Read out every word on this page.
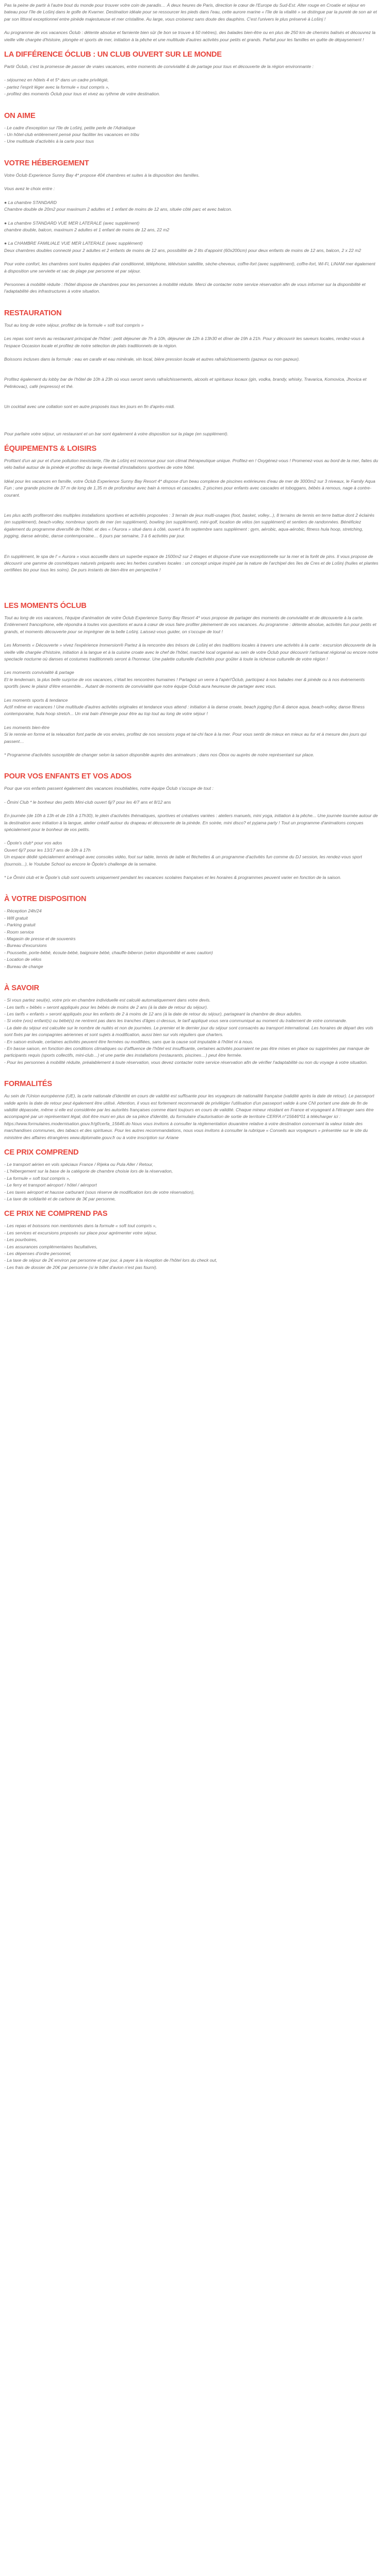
Pas la peine de partir à l'autre bout du monde pour trouver votre coin de paradis… À deux heures de Paris, direction le cœur de l'Europe du Sud-Est. Alter rouge en Croatie et séjour en bateau pour l'île de Lošinj dans le golfe de Kvarner. Destination idéale pour se ressourcer les pieds dans l'eau, cette aurore marine « l'île de la vitalité » se distingue par la pureté de son air et par son littoral exceptionnel entre pinède majestueuse et mer cristalline. Au large, vous croiserez sans doute des dauphins. C'est l'univers le plus préservé à Lošinj !

Au programme de vos vacances Óclub : détente absolue et farniente bien sûr (le bon se trouve à 50 mètres), des balades bien-être ou en plus de 250 km de chemins balisés et découvrez la vieille ville chargée d'histoire, plongée et sports de mer, initiation à la pêche et une multitude d'autres activités pour petits et grands. Parfait pour les familles en quête de dépaysement !

LA DIFFÉRENCE ÓCLUB : UN CLUB OUVERT SUR LE MONDE

Partir Óclub, c'est la promesse de passer de vraies vacances, entre moments de convivialité & de partage pour tous et découverte de la région environnante :

- séjournez en hôtels 4 et 5* dans un cadre privilégié,
- partez l'esprit léger avec la formule « tout compris »,
- profitez des moments Óclub pour tous et vivez au rythme de votre destination.
ON AIME
- Le cadre d'exception sur l'île de Lošinj, petite perle de l'Adriatique
- Un hôtel-club entièrement pensé pour faciliter les vacances en tribu
- Une multitude d'activités à la carte pour tous
VOTRE HÉBERGEMENT

Votre Óclub Experience Sunny Bay 4* propose 404 chambres et suites à la disposition des familles.

Vous avez le choix entre :

● La chambre STANDARD

Chambre double de 20m2 pour maximum 2 adultes et 1 enfant de moins de 12 ans, située côté parc et avec balcon.

● La chambre STANDARD VUE MER LATERALE (avec supplément)

chambre double, balcon, maximum 2 adultes et 1 enfant de moins de 12 ans, 22 m2

● La CHAMBRE FAMILIALE VUE MER LATERALE (avec supplément)

Deux chambres doubles connecté pour 2 adultes et 2 enfants de moins de 12 ans, possibilité de 2 lits d'appoint (60x200cm) pour deux enfants de moins de 12 ans, balcon, 2 x 22 m2

Pour votre confort, les chambres sont toutes équipées d'air conditionné, téléphone, télévision satellite, sèche-cheveux, coffre-fort (avec supplément), coffre-fort, Wi-Fi, LINAM mer également à disposition une serviette et sac de plage par personne et par séjour.

Personnes à mobilité réduite : l'hôtel dispose de chambres pour les personnes à mobilité réduite. Merci de contacter notre service réservation afin de vous informer sur la disponibilité et l'adaptabilité des infrastructures à votre situation.

RESTAURATION

Tout au long de votre séjour, profitez de la formule « soft tout compris »

Les repas sont servis au restaurant principal de l'hôtel : petit déjeuner de 7h à 10h, déjeuner de 12h à 13h30 et dîner de 19h à 21h. Pour y découvrir les saveurs locales, rendez-vous à l'espace Occasion locale et profitez de notre sélection de plats traditionnels de la région.

Boissons incluses dans la formule : eau en carafe et eau minérale, vin local, bière pression locale et autres rafraîchissements (gazeux ou non gazeux).

Profitez également du lobby bar de l'hôtel de 10h à 23h où vous seront servis rafraîchissements, alcools et spiritueux locaux (gin, vodka, brandy, whisky, Travarica, Komovica, Jhovica et Pelinkovac), café (espresso) et thé.

Un cocktail avec une collation sont en autre proposés tous les jours en fin d'après-midi.

Pour parfaire votre séjour, un restaurant et un bar sont également à votre disposition sur la plage (en supplément).

ÉQUIPEMENTS & LOISIRS

Profitant d'un air pur et d'une pollution inexistante, l'île de Lošinj est reconnue pour son climat thérapeutique unique. Profitez-en ! Oxygénez-vous ! Promenez-vous au bord de la mer, faites du vélo balisé autour de la pinède et profitez du large éventail d'installations sportives de votre hôtel.

Idéal pour les vacances en famille, votre Óclub Experience Sunny Bay Resort 4* dispose d'un beau complexe de piscines extérieures d'eau de mer de 3000m2 sur 3 niveaux, le Family Aqua Fun ; une grande piscine de 37 m de long de 1,35 m de profondeur avec bain à remous et cascades, 2 piscines pour enfants avec cascades et toboggans, bébés à remous, nage à contre-courant.

Les plus actifs profiteront des multiples installations sportives et activités proposées : 3 terrain de jeux multi-usages (foot, basket, volley...), 8 terrains de tennis en terre battue dont 2 éclairés (en supplément), beach-volley, nombreux sports de mer (en supplément), bowling (en supplément), mini-golf, location de vélos (en supplément) et sentiers de randonnées. Bénéficiez également du programme diversifié de l'hôtel, et des « l'Aurora » situé dans à côté, ouvert à fin septembre sans supplément : gym, aérobic, aqua-aérobic, fitness hula hoop, stretching, jogging, danse aérobic, danse contemporaine… 6 jours par semaine, 3 à 6 activités par jour.

En supplément, le spa de l' « Aurora » vous accueille dans un superbe espace de 1500m2 sur 2 étages et dispose d'une vue exceptionnelle sur la mer et la forêt de pins. Il vous propose de découvrir une gamme de cosmétiques naturels préparés avec les herbes curatives locales : un concept unique inspiré par la nature de l'archipel des îles de Cres et de Lošinj (huiles et plantes certifiées bio pour tous les soins). De purs instants de bien-être en perspective !

LES MOMENTS ÓCLUB

Tout au long de vos vacances, l'équipe d'animation de votre Óclub Experience Sunny Bay Resort 4* vous propose de partager des moments de convivialité et de découverte à la carte. Entièrement francophone, elle répondra à toutes vos questions et aura à cœur de vous faire profiter pleinement de vos vacances. Au programme : détente absolue, activités fun pour petits et grands, et moments découverte pour se imprégner de la belle Lošinj. Laissez-vous guider, on s'occupe de tout !

Les Moments « Découverte » vivez l'expérience Immersion® Partez à la rencontre des trésors de Lošinj et des traditions locales à travers une activités à la carte : excursion découverte de la vieille ville chargée d'histoire, initiation à la langue et à la cuisine croate avec le chef de l'hôtel, marché local organisé au sein de votre Óclub pour découvrir l'artisanat régional ou encore notre spectacle nocturne où danses et costumes traditionnels seront à l'honneur. Une palette culturelle d'activités pour goûter à toute la richesse culturelle de votre région !

Les moments convivialité & partage

Et le lendemain, la plus belle surprise de vos vacances, c'était les rencontres humaines ! Partagez un verre à l'apéri'Óclub, participez à nos balades mer & pinède ou à nos évènements sportifs (avec le plaisir d'être ensemble... Autant de moments de convivialité que notre équipe Óclub aura heureuse de partager avec vous.

Les moments sports & tendance

Actif même en vacances ! Une multitude d'autres activités originales et tendance vous attend : initiation à la danse croate, beach jogging (fun & dance aqua, beach-volley, danse fitness contemporaine, hula hoop stretch... Un vrai bain d'énergie pour être au top tout au long de votre séjour !

Les moments bien-être

Si le rennie en forme et la relaxation font partie de vos envies, profitez de nos sessions yoga et tai-chi face à la mer. Pour vous sentir de mieux en mieux au fur et à mesure des jours qui passent…

* Programme d'activités susceptible de changer selon la saison disponible auprès des animateurs ; dans nos Óbox ou auprès de notre représentant sur place.

POUR VOS ENFANTS ET VOS ADOS

Pour que vos enfants passent également des vacances inoubliables, notre équipe Óclub s'occupe de tout :

- Ômini Club * le bonheur des petits Mini-club ouvert 6j/7 pour les 4/7 ans et 8/12 ans

En journée (de 10h à 13h et de 15h à 17h30), le plein d'activités thématiques, sportives et créatives variées : ateliers manuels, mini yoga, initiation à la pêche... Une journée tournée autour de la destination avec initiation à la langue, atelier créatif autour du drapeau et découverte de la pinède. En soirée, mini disco? et pyjama party ! Tout un programme d'animations conçues spécialement pour le bonheur de vos petits.

- Ôpote's club* pour vos ados

Ouvert 6j/7 pour les 13/17 ans de 10h à 17h

Un espace dédié spécialement aménagé avec consoles vidéo, foot sur table, tennis de table et fléchettes & un programme d'activités fun comme du DJ session, les rendez-vous sport (tournois...), le Youtube School ou encore le Ôpote's challenge de la semaine.

* Le Ômini club et le Ôpote's club sont ouverts uniquement pendant les vacances scolaires françaises et les horaires & programmes peuvent varier en fonction de la saison.

À VOTRE DISPOSITION
- Réception 24h/24
- Wifi gratuit
- Parking gratuit
- Room service
- Magasin de presse et de souvenirs
- Bureau d'excursions
- Poussette, porte-bébé, écoute-bébé, baignoire bébé, chauffe-biberon (selon disponibilité et avec caution)
- Location de vélos
- Bureau de change
À SAVOIR
- Si vous partez seul(e), votre prix en chambre individuelle est calculé automatiquement dans votre devis.
- Les tarifs « bébés » seront appliqués pour les bébés de moins de 2 ans (à la date de retour du séjour).
- Les tarifs « enfants » seront appliqués pour les enfants de 2 à moins de 12 ans (à la date de retour du séjour), partageant la chambre de deux adultes.
- Si votre (vos) enfant(s) ou bébé(s) ne rentrent pas dans les tranches d'âges ci-dessus, le tarif appliqué vous sera communiqué au moment du traitement de votre commande.
- La date du séjour est calculée sur le nombre de nuités et non de journées. Le premier et le dernier jour du séjour sont consacrés au transport international. Les horaires de départ des vols sont fixés par les compagnies aériennes et sont sujets à modification, aussi bien sur vols réguliers que charters.
- En saison estivale, certaines activités peuvent être fermées ou modifiées, sans que la cause soit imputable à l'hôtel ni à nous.
- En basse saison, en fonction des conditions climatiques ou d'affluence de l'hôtel est insuffisante, certaines activités pourraient ne pas être mises en place ou supprimées par manque de participants requis (sports collectifs, mini-club…) et une partie des installations (restaurants, piscines…) peut être fermée.
- Pour les personnes à mobilité réduite, préalablement à toute réservation, vous devez contacter notre service réservation afin de vérifier l'adaptabilité ou non du voyage à votre situation.
FORMALITÉS

Au sein de l'Union européenne (UE), la carte nationale d'identité en cours de validité est suffisante pour les voyageurs de nationalité française (validité après la date de retour). Le passeport valide après la date de retour peut également être utilisé. Attention, il vous est fortement recommandé de privilégier l'utilisation d'un passeport valide à une CNI portant une date de fin de validité dépassée, même si elle est considérée par les autorités françaises comme étant toujours en cours de validité. Chaque mineur résidant en France et voyageant à l'étranger sans être accompagné par un représentant légal, doit être muni en plus de sa pièce d'identité, du formulaire d'autorisation de sortie de territoire CERFA n°15646*01 à télécharger ici : https://www.formulaires.modernisation.gouv.fr/gf/cerfa_15646.do Nous vous invitons à consulter la réglementation douanière relative à votre destination concernant la valeur totale des marchandises communes, des tabacs et des spiritueux. Pour les autres recommandations, nous vous invitons à consulter la rubrique « Conseils aux voyageurs » présentée sur le site du ministère des affaires étrangères www.diplomatie.gouv.fr ou à votre inscription sur Ariane

CE PRIX COMPREND
- Le transport aérien en vols spéciaux France / Rijeka ou Pula Aller / Retour,
- L'hébergement sur la base de la catégorie de chambre choisie lors de la réservation,
- La formule « soft tout compris »,
- Le ferry et transport aéroport / hôtel / aéroport
- Les taxes aéroport et hausse carburant (sous réserve de modification lors de votre réservation),
- La taxe de solidarité et de carbone de 3€ par personne,
CE PRIX NE COMPREND PAS
- Les repas et boissons non mentionnés dans la formule « soft tout compris »,
- Les services et excursions proposés sur place pour agrémenter votre séjour,
- Les pourboires,
- Les assurances complémentaires facultatives,
- Les dépenses d'ordre personnel,
- La taxe de séjour de 2€ environ par personne et par jour, à payer à la réception de l'hôtel lors du check out,
- Les frais de dossier de 20€ par personne (si le billet d'avion n'est pas fourni).
